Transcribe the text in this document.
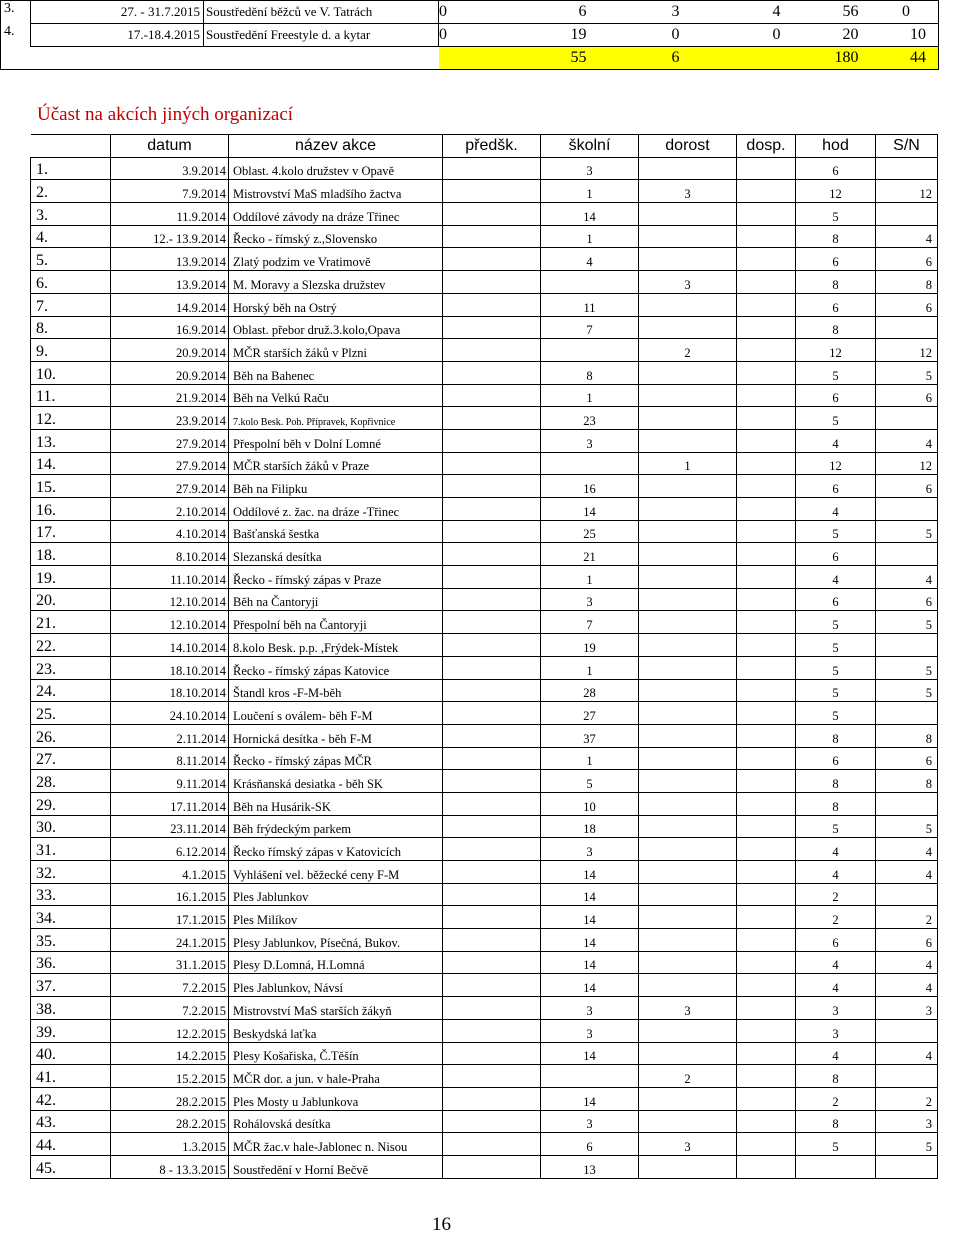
3.	27. - 31.7.2015	Soustředění běžců ve V. Tatrách	0	6	3	4	56	0
4.	17.-18.4.2015	Soustředění Freestyle d. a kytar	0	19	0	0	20	10
				55	6		180	44
Účast na akcích jiných organizací
	datum	název akce	předšk.	školní	dorost	dosp.	hod	S/N
1.	3.9.2014	Oblast. 4.kolo družstev v Opavě		3			6	
2.	7.9.2014	Mistrovství MaS mladšího žactva		1	3		12	12
3.	11.9.2014	Oddílové závody na dráze Třinec		14			5	
4.	12.- 13.9.2014	Řecko - římský z.,Slovensko		1			8	4
5.	13.9.2014	Zlatý podzim ve Vratimově		4			6	6
6.	13.9.2014	M. Moravy a Slezska družstev			3		8	8
7.	14.9.2014	Horský běh na Ostrý		11			6	6
8.	16.9.2014	Oblast. přebor druž.3.kolo,Opava		7			8	
9.	20.9.2014	MČR starších žáků v Plzni			2		12	12
10.	20.9.2014	Běh na Bahenec		8			5	5
11.	21.9.2014	Běh na Velkú Raču		1			6	6
12.	23.9.2014	7.kolo Besk. Poh. Přípravek, Kopřivnice		23			5	
13.	27.9.2014	Přespolní běh v Dolní Lomné		3			4	4
14.	27.9.2014	MČR starších žáků v Praze			1		12	12
15.	27.9.2014	Běh na Filipku		16			6	6
16.	2.10.2014	Oddílové z. žac. na dráze -Třinec		14			4	
17.	4.10.2014	Bašťanská šestka		25			5	5
18.	8.10.2014	Slezanská desítka		21			6	
19.	11.10.2014	Řecko - římský zápas v Praze		1			4	4
20.	12.10.2014	Běh na Čantoryji		3			6	6
21.	12.10.2014	Přespolní běh na Čantoryji		7			5	5
22.	14.10.2014	8.kolo Besk. p.p. ,Frýdek-Místek		19			5	
23.	18.10.2014	Řecko - římský zápas Katovice		1			5	5
24.	18.10.2014	Štandl kros -F-M-běh		28			5	5
25.	24.10.2014	Loučení s oválem- běh F-M		27			5	
26.	2.11.2014	Hornická desítka - běh F-M		37			8	8
27.	8.11.2014	Řecko - římský zápas MČR		1			6	6
28.	9.11.2014	Krásňanská desiatka - běh SK		5			8	8
29.	17.11.2014	Běh na Husárik-SK		10			8	
30.	23.11.2014	Běh frýdeckým parkem		18			5	5
31.	6.12.2014	Řecko římský zápas v Katovicích		3			4	4
32.	4.1.2015	Vyhlášení vel. běžecké ceny F-M		14			4	4
33.	16.1.2015	Ples Jablunkov		14			2	
34.	17.1.2015	Ples Milíkov		14			2	2
35.	24.1.2015	Plesy Jablunkov, Písečná, Bukov.		14			6	6
36.	31.1.2015	Plesy D.Lomná, H.Lomná		14			4	4
37.	7.2.2015	Ples Jablunkov, Návsí		14			4	4
38.	7.2.2015	Mistrovství MaS starších žákyň		3	3		3	3
39.	12.2.2015	Beskydská laťka		3			3	
40.	14.2.2015	Plesy Košařiska, Č.Těšín		14			4	4
41.	15.2.2015	MČR dor. a jun. v hale-Praha			2		8	
42.	28.2.2015	Ples Mosty u Jablunkova		14			2	2
43.	28.2.2015	Rohálovská desítka		3			8	3
44.	1.3.2015	MČR žac.v hale-Jablonec n. Nisou		6	3		5	5
45.	8 - 13.3.2015	Soustředění v Horní Bečvě		13				
16
